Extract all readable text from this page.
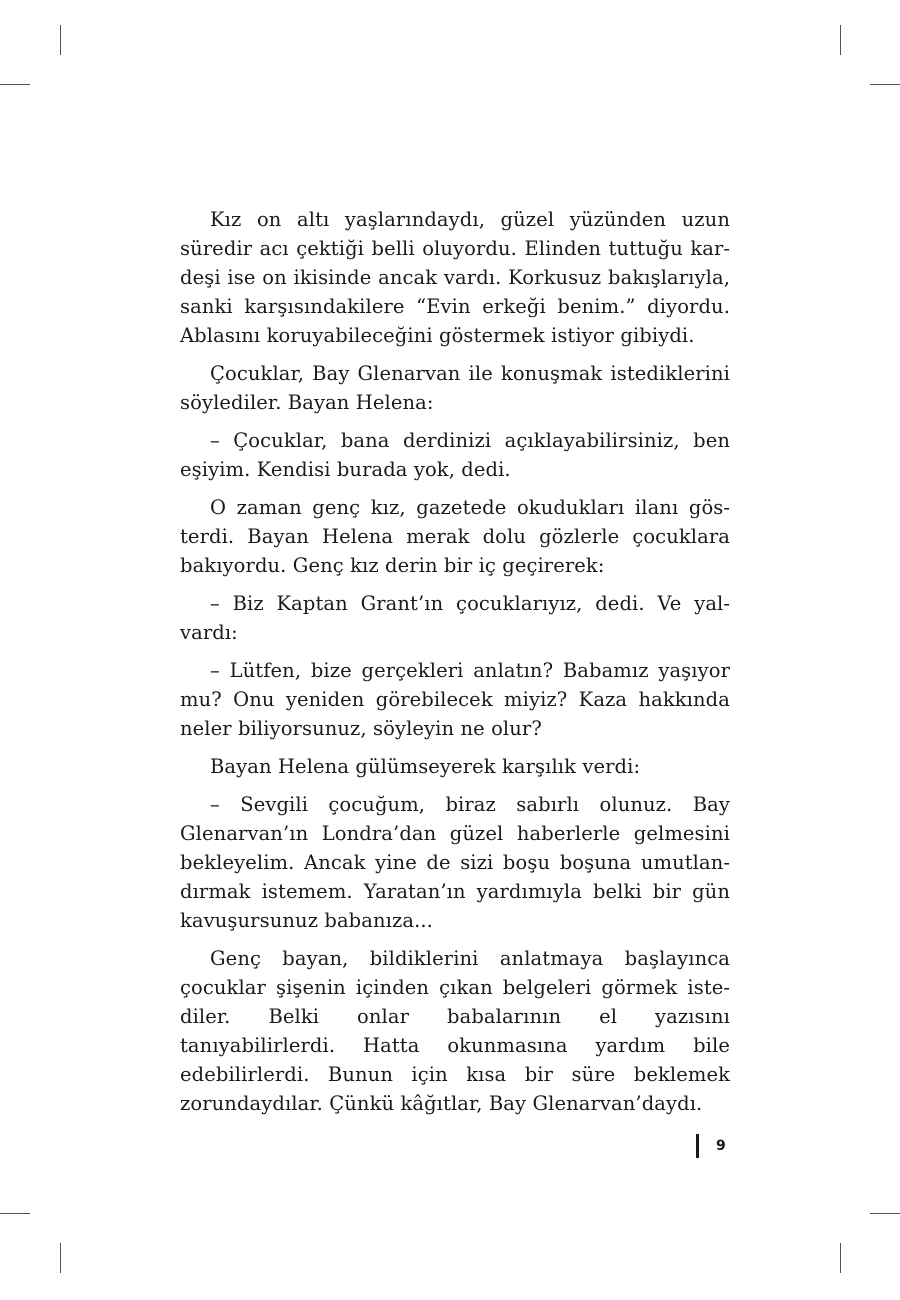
Kız on altı yaşlarındaydı, güzel yüzünden uzun süredir acı çektiği belli oluyordu. Elinden tuttuğu kardeşi ise on ikisinde ancak vardı. Korkusuz bakışlarıyla, sanki karşısındakilere “Evin erkeği benim.” diyordu. Ablasını koruyabileceğini göstermek istiyor gibiydi.

Çocuklar, Bay Glenarvan ile konuşmak istediklerini söylediler. Bayan Helena:

– Çocuklar, bana derdinizi açıklayabilirsiniz, ben eşiyim. Kendisi burada yok, dedi.

O zaman genç kız, gazetede okudukları ilanı gösterdi. Bayan Helena merak dolu gözlerle çocuklara bakıyordu. Genç kız derin bir iç geçirerek:

– Biz Kaptan Grant’ın çocuklarıyız, dedi. Ve yalvardı:

– Lütfen, bize gerçekleri anlatın? Babamız yaşıyor mu? Onu yeniden görebilecek miyiz? Kaza hakkında neler biliyorsunuz, söyleyin ne olur?

Bayan Helena gülümseyerek karşılık verdi:

– Sevgili çocuğum, biraz sabırlı olunuz. Bay Glenarvan’ın Londra’dan güzel haberlerle gelmesini bekleyelim. Ancak yine de sizi boşu boşuna umutlandırmak istemem. Yaratan’ın yardımıyla belki bir gün kavuşursunuz babanıza...

Genç bayan, bildiklerini anlatmaya başlayınca çocuklar şişenin içinden çıkan belgeleri görmek istediler. Belki onlar babalarının el yazısını tanıyabilirlerdi. Hatta okunmasına yardım bile edebilirlerdi. Bunun için kısa bir süre beklemek zorundaydılar. Çünkü kâğıtlar, Bay Glenarvan’daydı.

9
